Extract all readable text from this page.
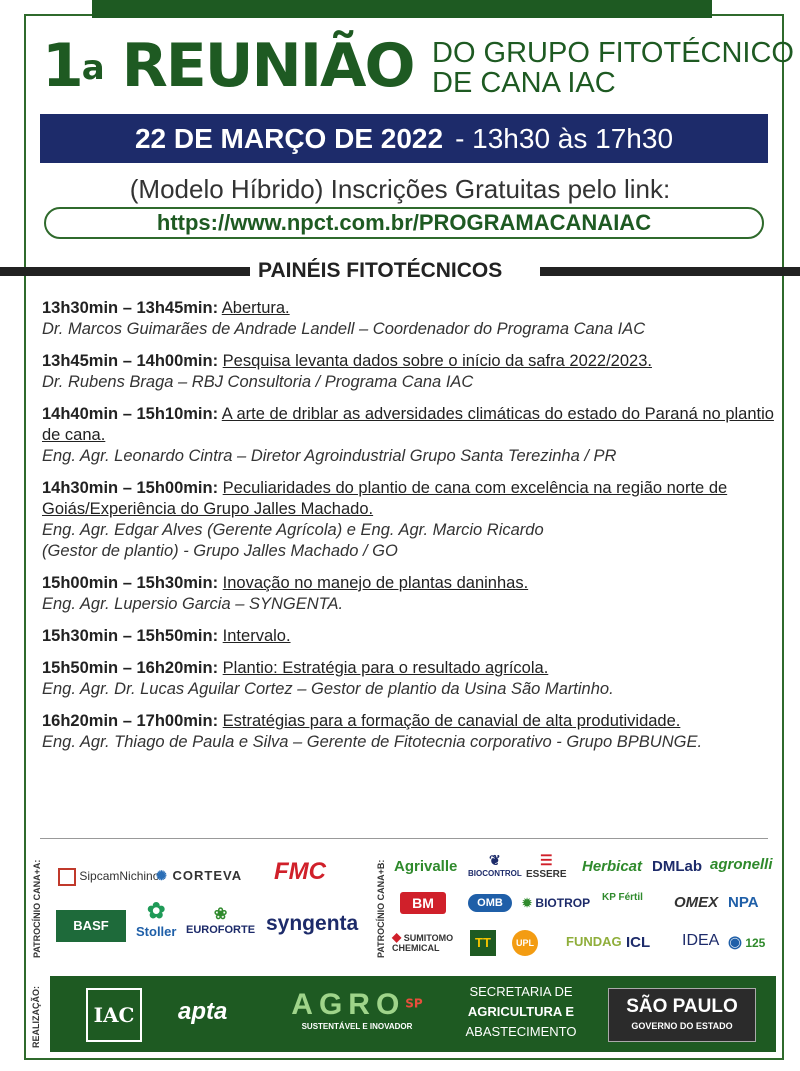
1$^a$ REUNIÃO DO GRUPO FITOTÉCNICO
DE CANA IAC
22 DE MARÇO DE 2022 - 13h30 às 17h30
(Modelo Híbrido) Inscrições Gratuitas pelo link:
https://www.npct.com.br/PROGRAMACANAIAC
PAINÉIS FITOTÉCNICOS
13h30min – 13h45min: Abertura.
Dr. Marcos Guimarães de Andrade Landell – Coordenador do Programa Cana IAC
13h45min – 14h00min: Pesquisa levanta dados sobre o início da safra 2022/2023.
Dr. Rubens Braga – RBJ Consultoria / Programa Cana IAC
14h40min – 15h10min: A arte de driblar as adversidades climáticas do estado do Paraná no plantio de cana.
Eng. Agr. Leonardo Cintra – Diretor Agroindustrial Grupo Santa Terezinha / PR
14h30min – 15h00min: Peculiaridades do plantio de cana com excelência na região norte de Goiás/Experiência do Grupo Jalles Machado.
Eng. Agr. Edgar Alves (Gerente Agrícola) e Eng. Agr. Marcio Ricardo
(Gestor de plantio) - Grupo Jalles Machado / GO
15h00min – 15h30min: Inovação no manejo de plantas daninhas.
Eng. Agr. Lupersio Garcia – SYNGENTA.
15h30min – 15h50min: Intervalo.
15h50min – 16h20min: Plantio: Estratégia para o resultado agrícola.
Eng. Agr. Dr. Lucas Aguilar Cortez – Gestor de plantio da Usina São Martinho.
16h20min – 17h00min: Estratégias para a formação de canavial de alta produtividade.
Eng. Agr. Thiago de Paula e Silva – Gerente de Fitotecnia corporativo - Grupo BPBUNGE.
PATROCÍNIO CANA+A:	SipcamNichino
✺ CORTEVA FMC
BASF
✿
Stoller
❀
EUROFORTE syngenta PATROCÍNIO CANA+B: Agrivalle	❦
BIOCONTROL
☰
ESSERE Herbicat DMLab agronelli
BM	OMB	✹ BIOTROP KP Fértil OMEX NPA
◆ SUMITOMO CHEMICAL	TT	UPL	FUNDAG ICL IDEA ◉ 125
REALIZAÇÃO:	IAC	apta	$AGRO^{SP}$
SUSTENTÁVEL E INOVADOR
SECRETARIA DE
AGRICULTURA E
ABASTECIMENTO
SÃO PAULO
GOVERNO DO ESTADO
